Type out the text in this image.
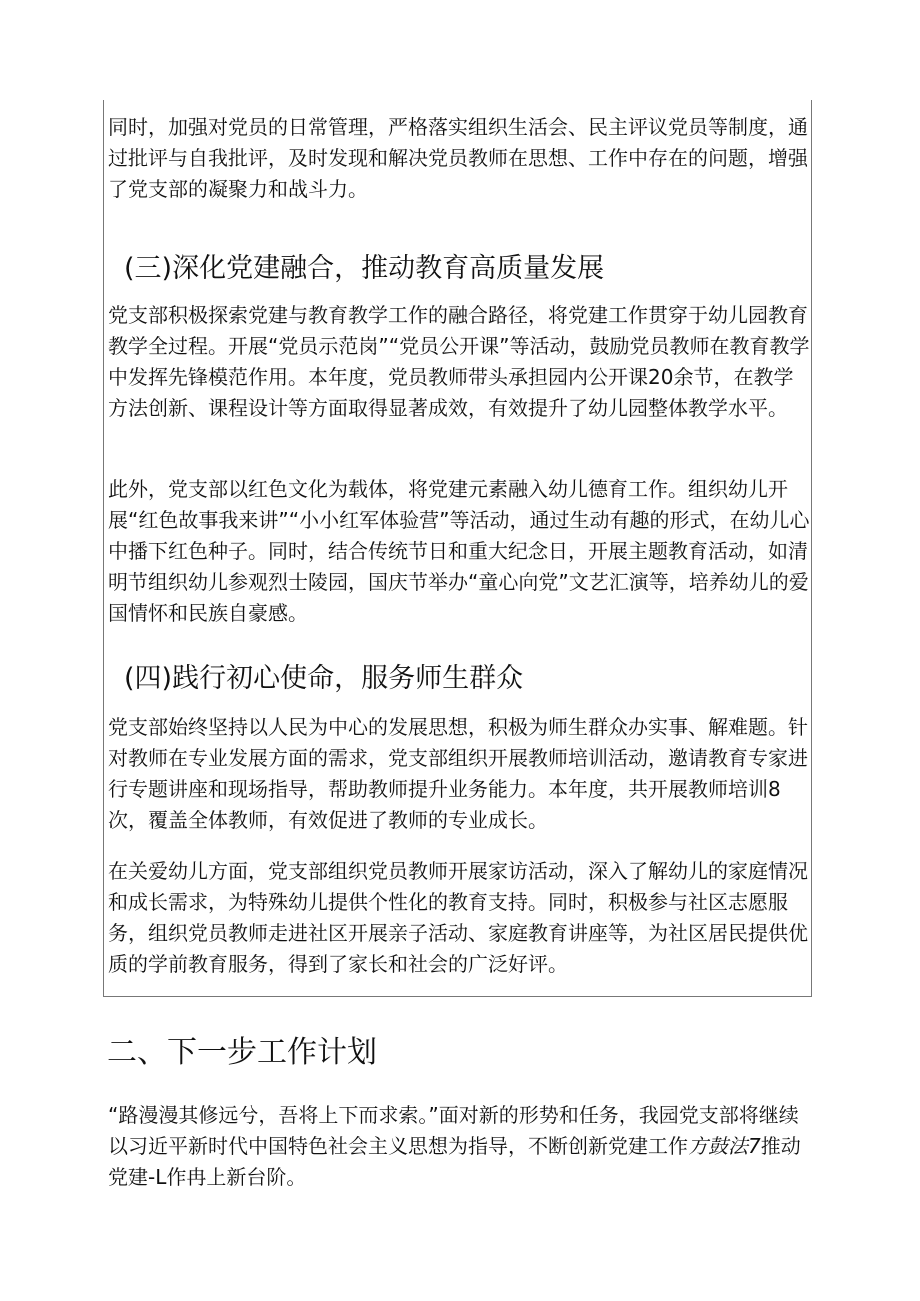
同时，加强对党员的日常管理，严格落实组织生活会、民主评议党员等制度，通过批评与自我批评，及时发现和解决党员教师在思想、工作中存在的问题，增强了党支部的凝聚力和战斗力。

(三)深化党建融合，推动教育高质量发展

党支部积极探索党建与教育教学工作的融合路径，将党建工作贯穿于幼儿园教育教学全过程。开展“党员示范岗”“党员公开课”等活动，鼓励党员教师在教育教学中发挥先锋模范作用。本年度，党员教师带头承担园内公开课20余节，在教学方法创新、课程设计等方面取得显著成效，有效提升了幼儿园整体教学水平。

此外，党支部以红色文化为载体，将党建元素融入幼儿德育工作。组织幼儿开展“红色故事我来讲”“小小红军体验营”等活动，通过生动有趣的形式，在幼儿心中播下红色种子。同时，结合传统节日和重大纪念日，开展主题教育活动，如清明节组织幼儿参观烈士陵园，国庆节举办“童心向党”文艺汇演等，培养幼儿的爱国情怀和民族自豪感。

(四)践行初心使命，服务师生群众

党支部始终坚持以人民为中心的发展思想，积极为师生群众办实事、解难题。针对教师在专业发展方面的需求，党支部组织开展教师培训活动，邀请教育专家进行专题讲座和现场指导，帮助教师提升业务能力。本年度，共开展教师培训8次，覆盖全体教师，有效促进了教师的专业成长。

在关爱幼儿方面，党支部组织党员教师开展家访活动，深入了解幼儿的家庭情况和成长需求，为特殊幼儿提供个性化的教育支持。同时，积极参与社区志愿服务，组织党员教师走进社区开展亲子活动、家庭教育讲座等，为社区居民提供优质的学前教育服务，得到了家长和社会的广泛好评。

二、下一步工作计划

“路漫漫其修远兮，吾将上下而求索。”面对新的形势和任务，我园党支部将继续以习近平新时代中国特色社会主义思想为指导，不断创新党建工作方鼓法7推动党建-L作冉上新台阶。
